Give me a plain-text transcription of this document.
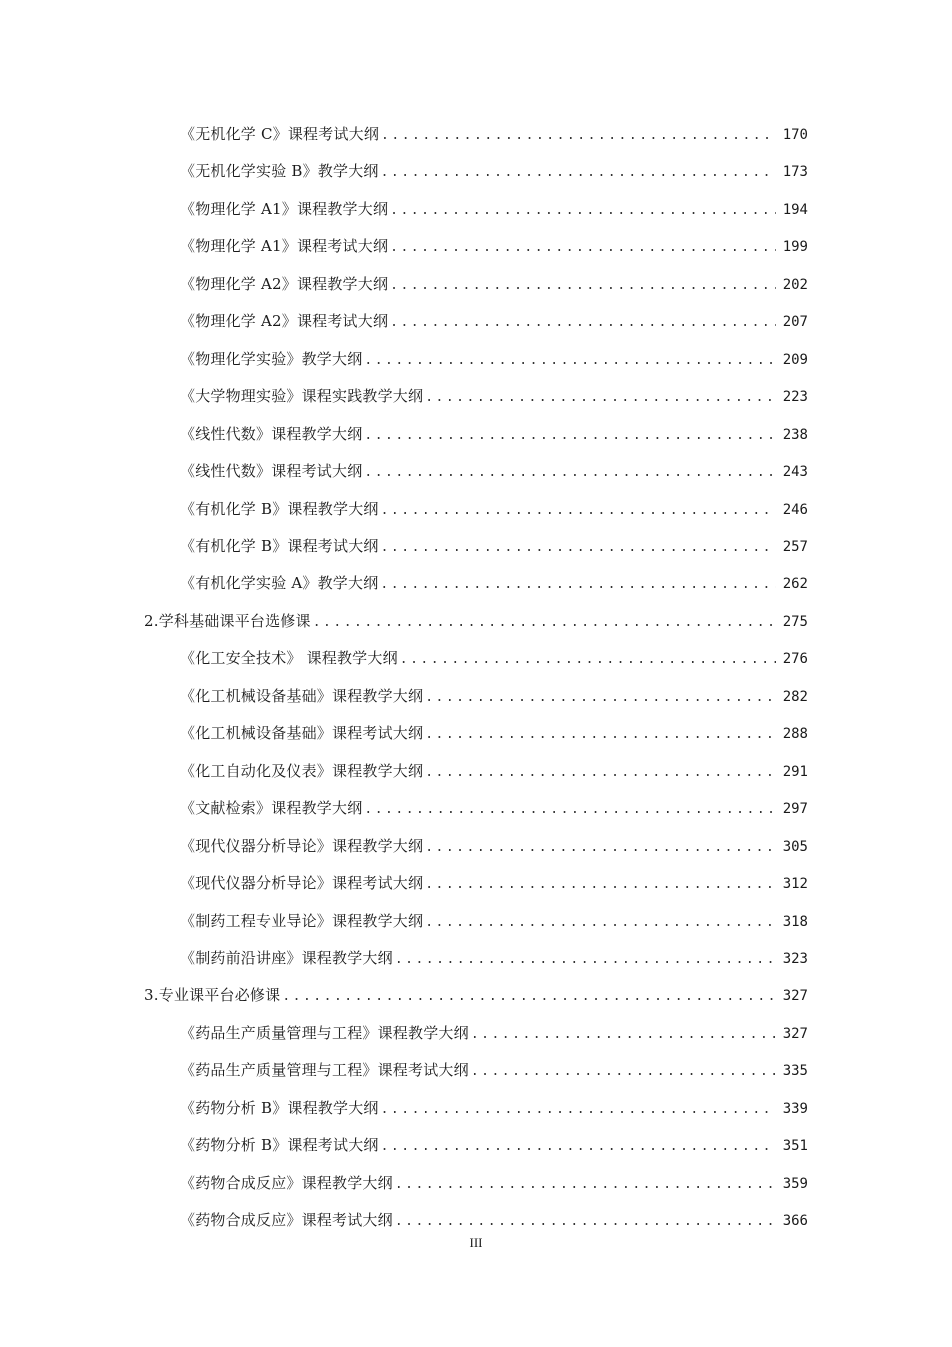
《无机化学 C》课程考试大纲 .....	170
《无机化学实验 B》教学大纲 .....	173
《物理化学 A1》课程教学大纲 .....	194
《物理化学 A1》课程考试大纲 .....	199
《物理化学 A2》课程教学大纲 .....	202
《物理化学 A2》课程考试大纲 .....	207
《物理化学实验》教学大纲 .....	209
《大学物理实验》课程实践教学大纲 .....	223
《线性代数》课程教学大纲 .....	238
《线性代数》课程考试大纲 .....	243
《有机化学 B》课程教学大纲 .....	246
《有机化学 B》课程考试大纲 .....	257
《有机化学实验 A》教学大纲 .....	262
2.学科基础课平台选修课 .....	275
《化工安全技术》 课程教学大纲 .....	276
《化工机械设备基础》课程教学大纲 .....	282
《化工机械设备基础》课程考试大纲 .....	288
《化工自动化及仪表》课程教学大纲 .....	291
《文献检索》课程教学大纲 .....	297
《现代仪器分析导论》课程教学大纲 .....	305
《现代仪器分析导论》课程考试大纲 .....	312
《制药工程专业导论》课程教学大纲 .....	318
《制药前沿讲座》课程教学大纲 .....	323
3.专业课平台必修课 .....	327
《药品生产质量管理与工程》课程教学大纲 .....	327
《药品生产质量管理与工程》课程考试大纲 .....	335
《药物分析 B》课程教学大纲 .....	339
《药物分析 B》课程考试大纲 .....	351
《药物合成反应》课程教学大纲 .....	359
《药物合成反应》课程考试大纲 .....	366
III
